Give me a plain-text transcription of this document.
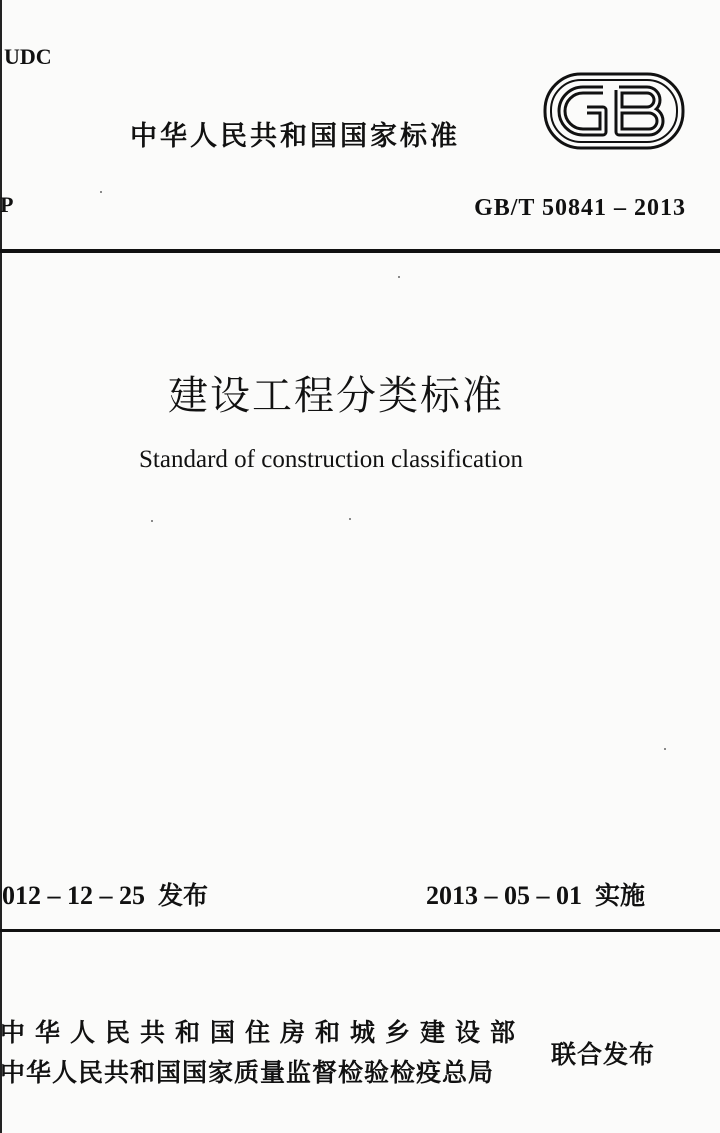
UDC
P
中华人民共和国国家标准
GB
GB/T 50841 – 2013
建设工程分类标准
Standard of construction classification
012 – 12 – 25 发布	2013 – 05 – 01 实施
中华人民共和国住房和城乡建设部
中华人民共和国国家质量监督检验检疫总局
联合发布
